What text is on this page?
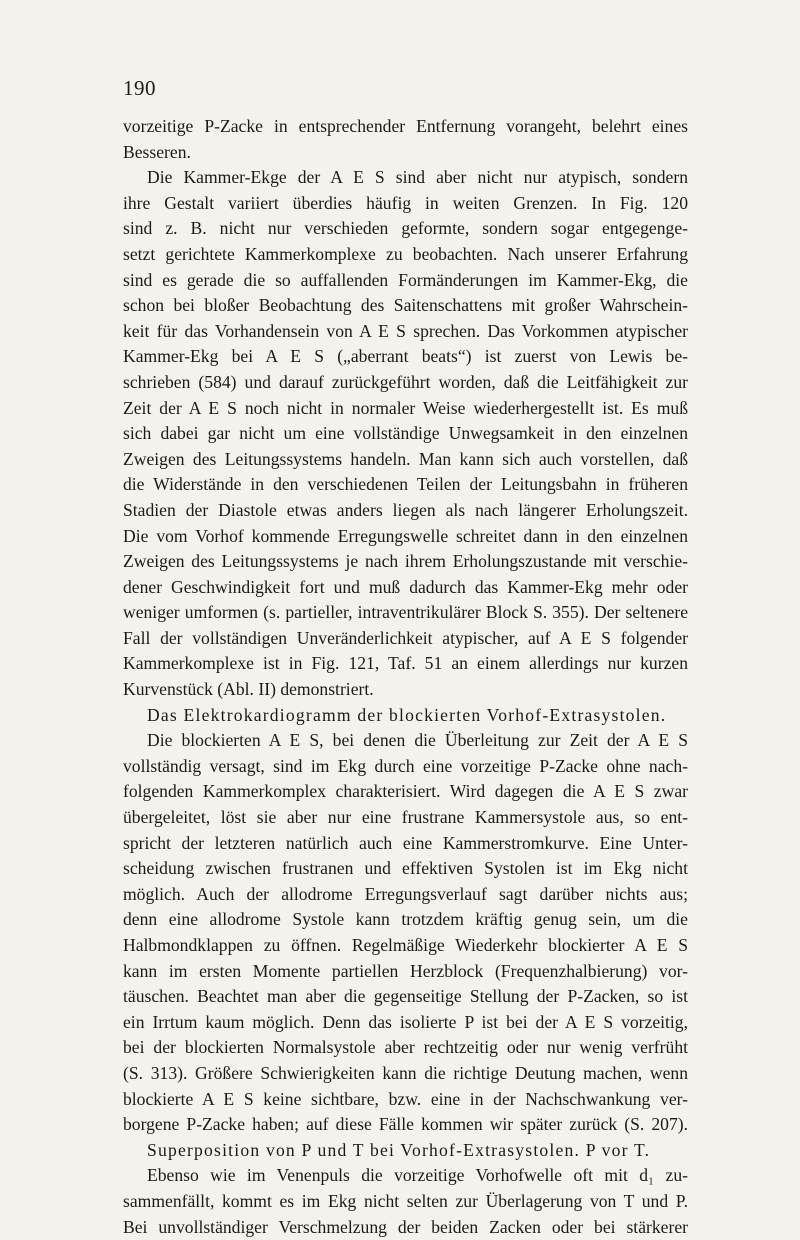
190
vorzeitige P-Zacke in entsprechender Entfernung vorangeht, belehrt eines
Besseren.
Die Kammer-Ekge der A E S sind aber nicht nur atypisch, sondern
ihre Gestalt variiert überdies häufig in weiten Grenzen. In Fig. 120
sind z. B. nicht nur verschieden geformte, sondern sogar entgegenge-
setzt gerichtete Kammerkomplexe zu beobachten. Nach unserer Erfahrung
sind es gerade die so auffallenden Formänderungen im Kammer-Ekg, die
schon bei bloßer Beobachtung des Saitenschattens mit großer Wahrschein-
keit für das Vorhandensein von A E S sprechen. Das Vorkommen atypischer
Kammer-Ekg bei A E S („aberrant beats“) ist zuerst von Lewis be-
schrieben (584) und darauf zurückgeführt worden, daß die Leitfähigkeit zur
Zeit der A E S noch nicht in normaler Weise wiederhergestellt ist. Es muß
sich dabei gar nicht um eine vollständige Unwegsamkeit in den einzelnen
Zweigen des Leitungssystems handeln. Man kann sich auch vorstellen, daß
die Widerstände in den verschiedenen Teilen der Leitungsbahn in früheren
Stadien der Diastole etwas anders liegen als nach längerer Erholungszeit.
Die vom Vorhof kommende Erregungswelle schreitet dann in den einzelnen
Zweigen des Leitungssystems je nach ihrem Erholungszustande mit verschie-
dener Geschwindigkeit fort und muß dadurch das Kammer-Ekg mehr oder
weniger umformen (s. partieller, intraventrikulärer Block S. 355). Der seltenere
Fall der vollständigen Unveränderlichkeit atypischer, auf A E S folgender
Kammerkomplexe ist in Fig. 121, Taf. 51 an einem allerdings nur kurzen
Kurvenstück (Abl. II) demonstriert.
Das Elektrokardiogramm der blockierten Vorhof-Extrasystolen.
Die blockierten A E S, bei denen die Überleitung zur Zeit der A E S
vollständig versagt, sind im Ekg durch eine vorzeitige P-Zacke ohne nach-
folgenden Kammerkomplex charakterisiert. Wird dagegen die A E S zwar
übergeleitet, löst sie aber nur eine frustrane Kammersystole aus, so ent-
spricht der letzteren natürlich auch eine Kammerstromkurve. Eine Unter-
scheidung zwischen frustranen und effektiven Systolen ist im Ekg nicht
möglich. Auch der allodrome Erregungsverlauf sagt darüber nichts aus;
denn eine allodrome Systole kann trotzdem kräftig genug sein, um die
Halbmondklappen zu öffnen. Regelmäßige Wiederkehr blockierter A E S
kann im ersten Momente partiellen Herzblock (Frequenzhalbierung) vor-
täuschen. Beachtet man aber die gegenseitige Stellung der P-Zacken, so ist
ein Irrtum kaum möglich. Denn das isolierte P ist bei der A E S vorzeitig,
bei der blockierten Normalsystole aber rechtzeitig oder nur wenig verfrüht
(S. 313). Größere Schwierigkeiten kann die richtige Deutung machen, wenn
blockierte A E S keine sichtbare, bzw. eine in der Nachschwankung ver-
borgene P-Zacke haben; auf diese Fälle kommen wir später zurück (S. 207).
Superposition von P und T bei Vorhof-Extrasystolen. P vor T.
Ebenso wie im Venenpuls die vorzeitige Vorhofwelle oft mit d₁ zu-
sammenfällt, kommt es im Ekg nicht selten zur Überlagerung von T und P.
Bei unvollständiger Verschmelzung der beiden Zacken oder bei stärkerer
